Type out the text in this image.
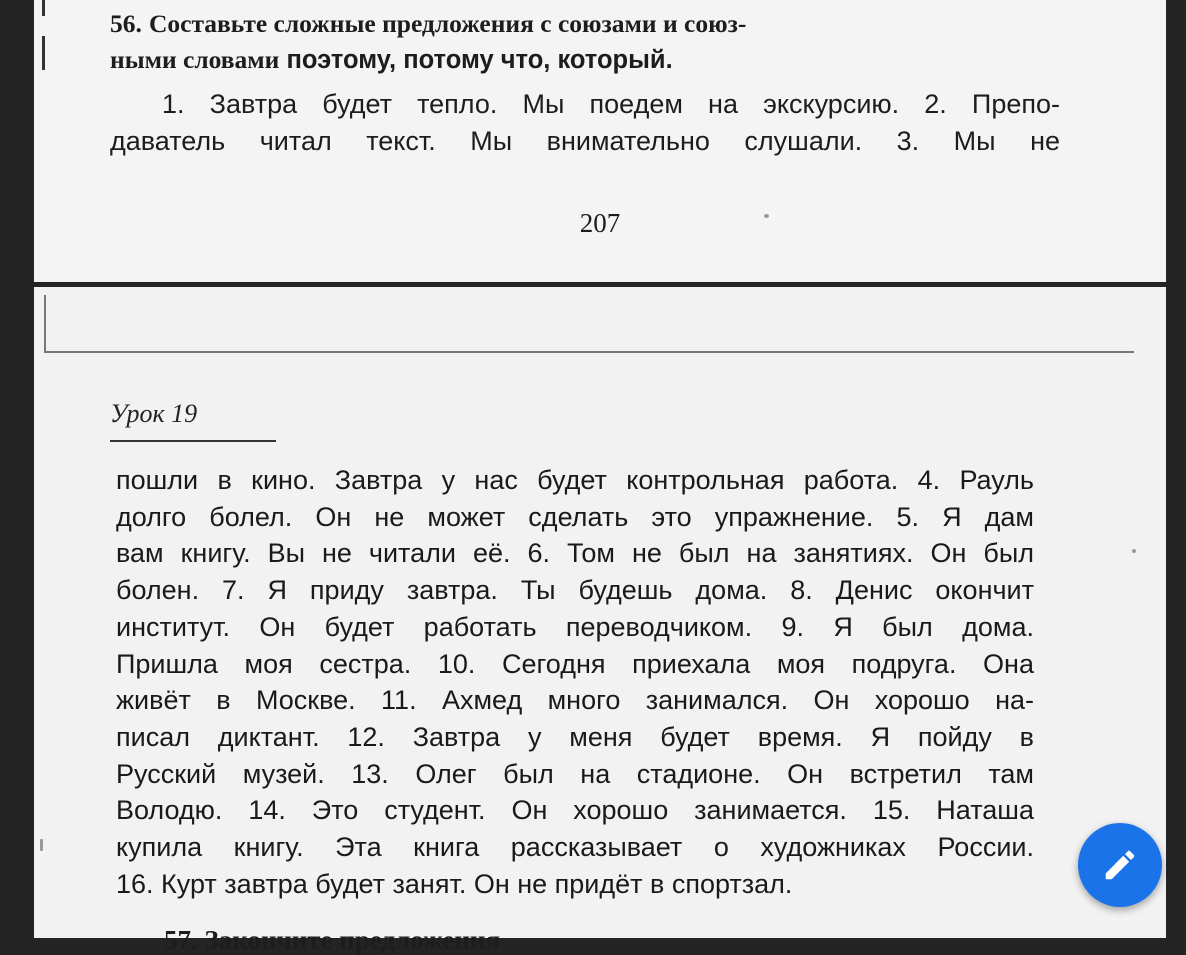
56. Составьте сложные предложения с союзами и союз-
ными словами поэтому, потому что, который.
1. Завтра будет тепло. Мы поедем на экскурсию. 2. Препо-
даватель читал текст. Мы внимательно слушали. 3. Мы не
207
Урок 19
пошли в кино. Завтра у нас будет контрольная работа. 4. Рауль
долго болел. Он не может сделать это упражнение. 5. Я дам
вам книгу. Вы не читали её. 6. Том не был на занятиях. Он был
болен. 7. Я приду завтра. Ты будешь дома. 8. Денис окончит
институт. Он будет работать переводчиком. 9. Я был дома.
Пришла моя сестра. 10. Сегодня приехала моя подруга. Она
живёт в Москве. 11. Ахмед много занимался. Он хорошо на-
писал диктант. 12. Завтра у меня будет время. Я пойду в
Русский музей. 13. Олег был на стадионе. Он встретил там
Володю. 14. Это студент. Он хорошо занимается. 15. Наташа
купила книгу. Эта книга рассказывает о художниках России.
16. Курт завтра будет занят. Он не придёт в спортзал.
57. Закончите предложения
